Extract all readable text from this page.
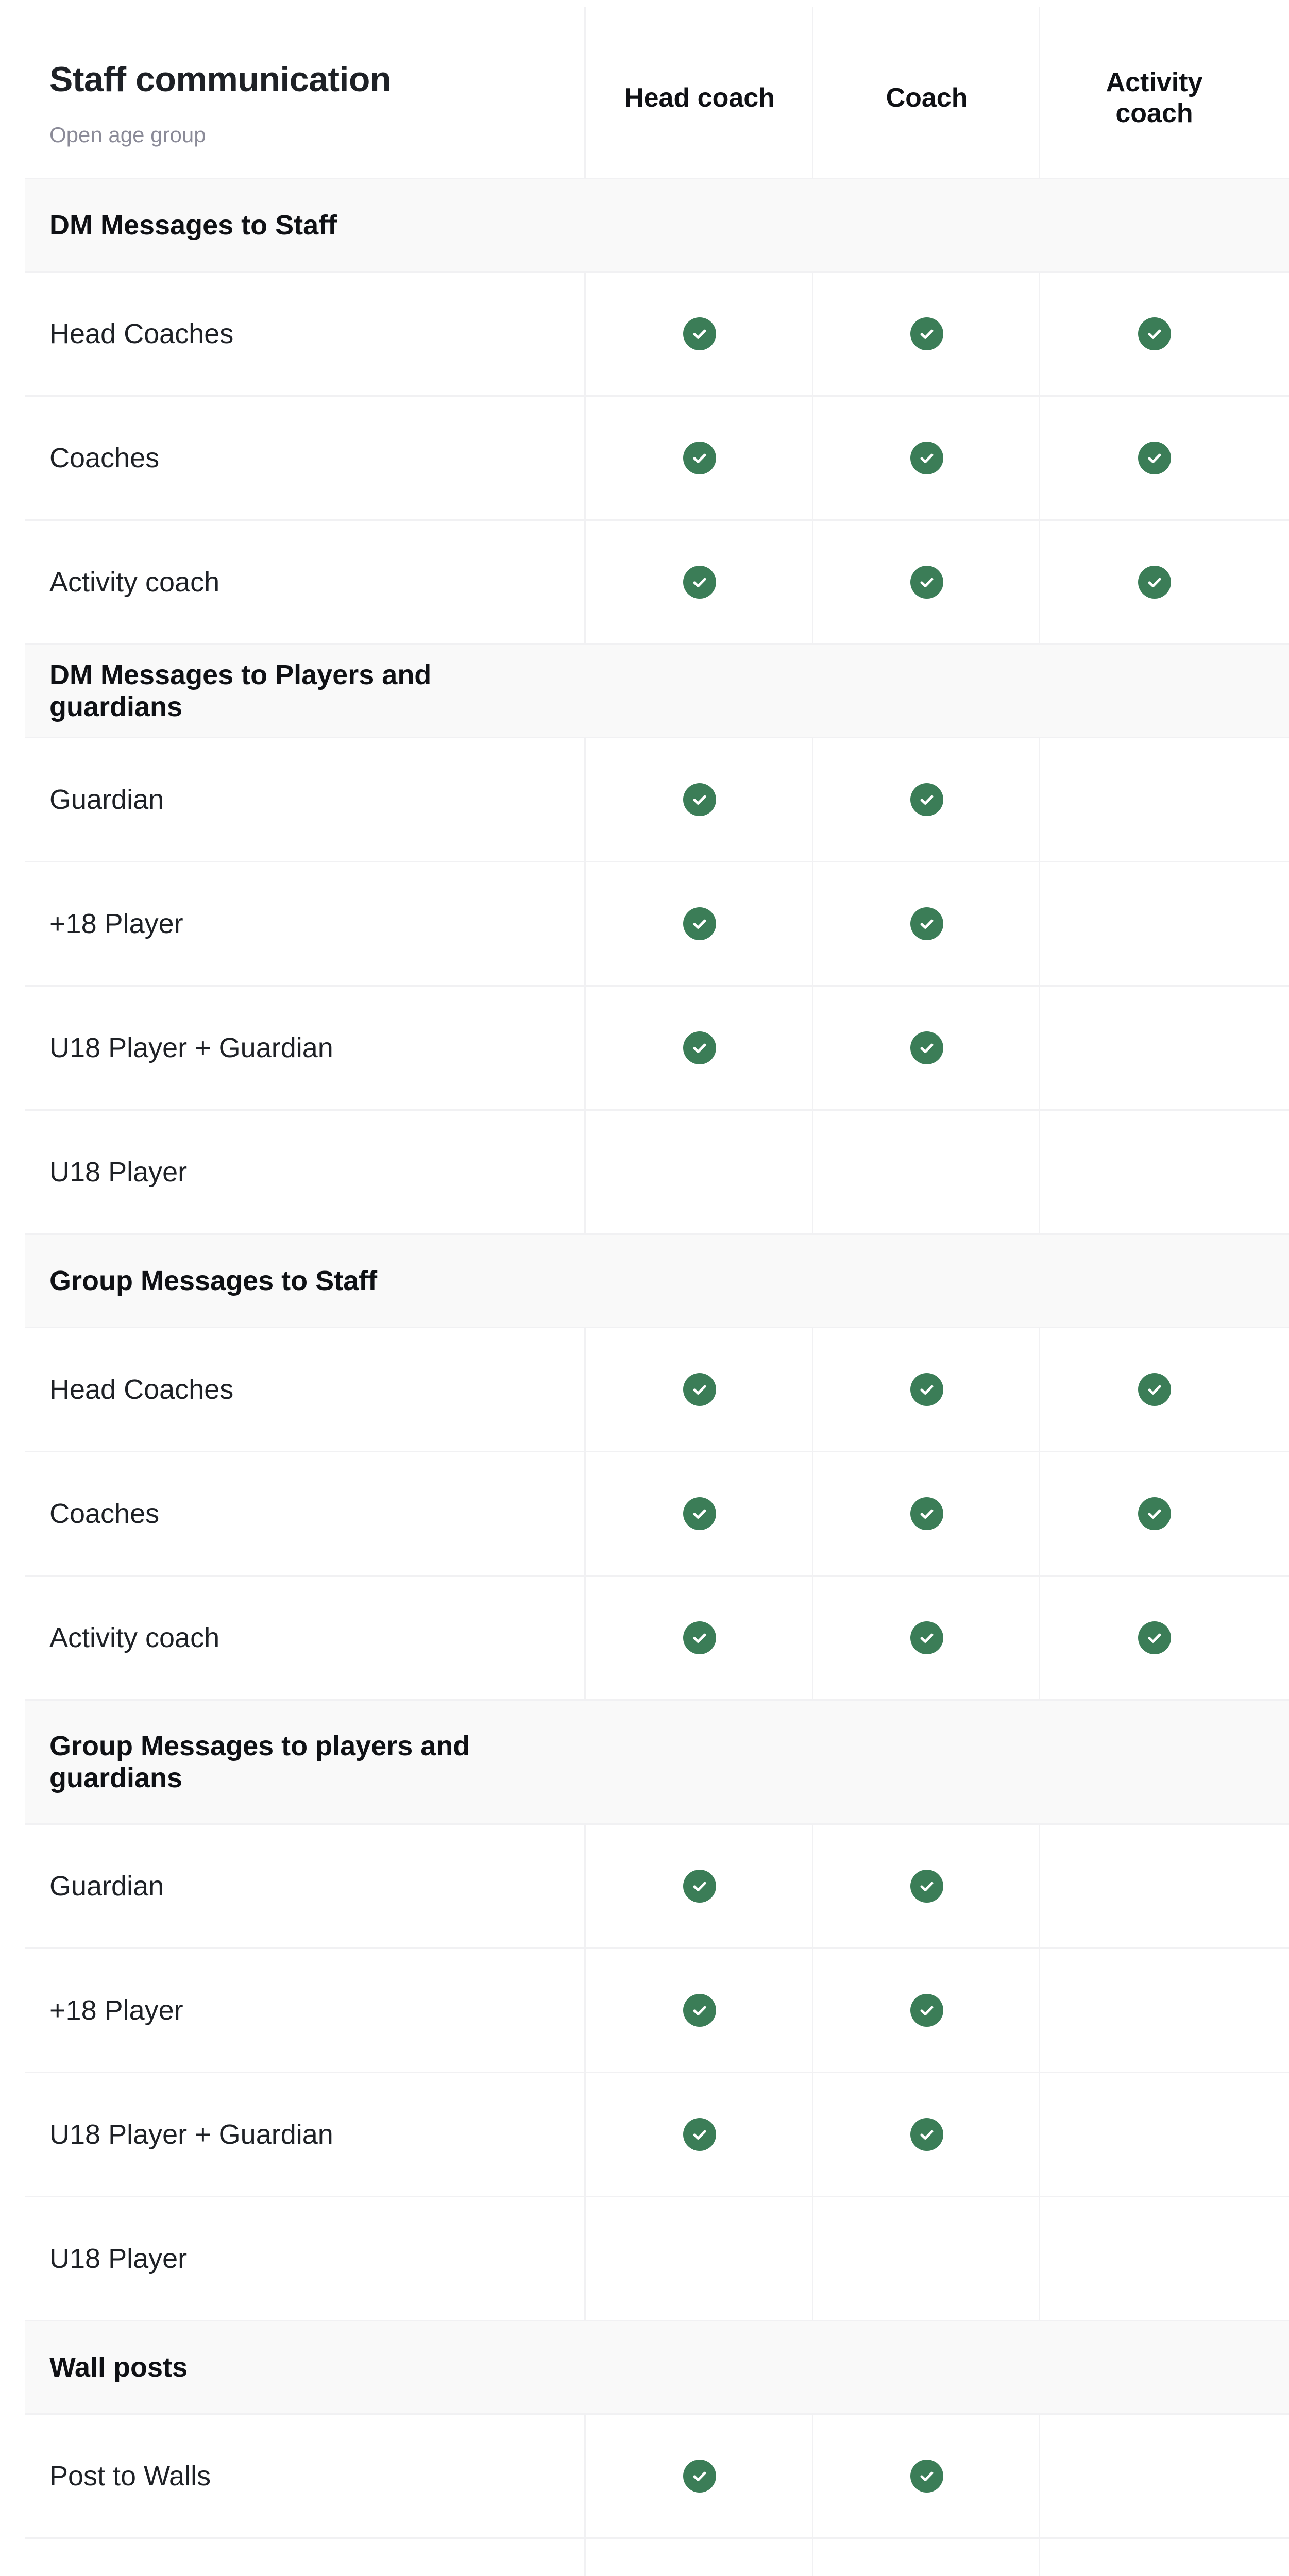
Staff communication
Open age group
Head coach	Coach
Activity coach
DM Messages to Staff
Head Coaches
Coaches
Activity coach
DM Messages to Players and guardians
Guardian
+18 Player
U18 Player + Guardian
U18 Player
Group Messages to Staff
Head Coaches
Coaches
Activity coach
Group Messages to players and guardians
Guardian
+18 Player
U18 Player + Guardian
U18 Player
Wall posts
Post to Walls
